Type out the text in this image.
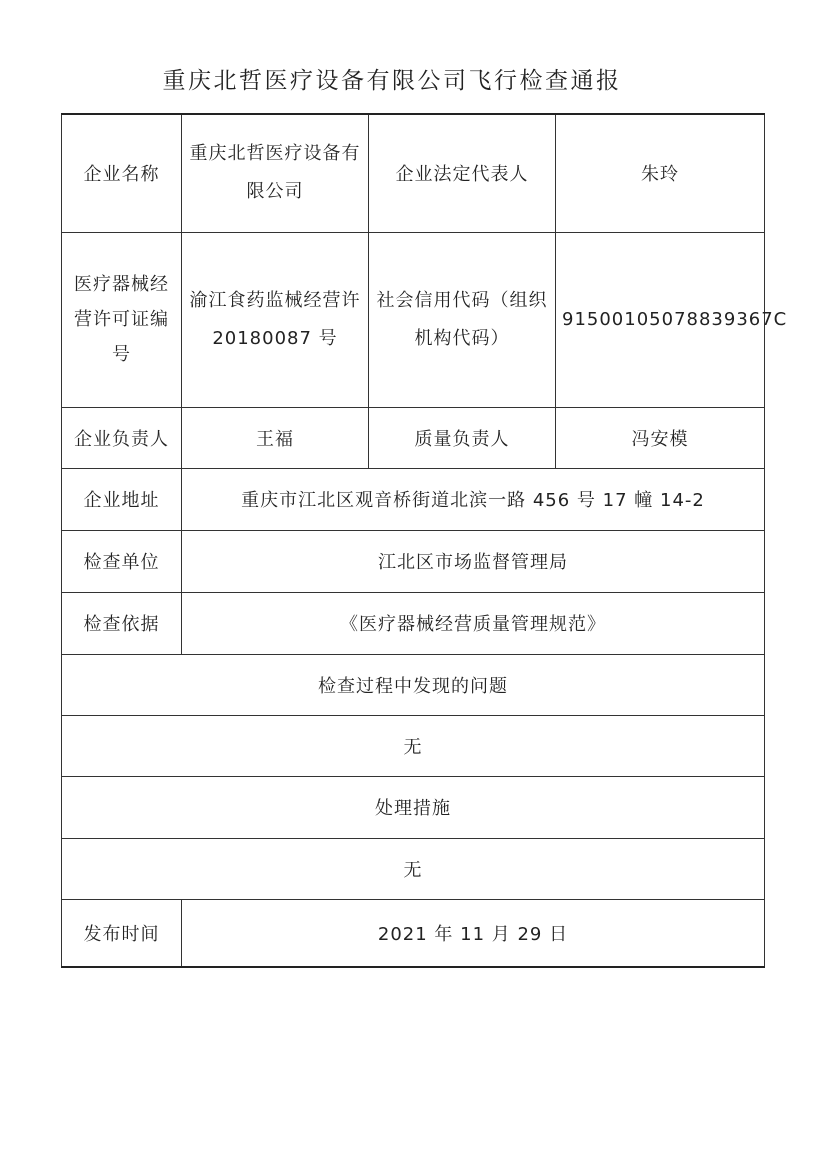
重庆北哲医疗设备有限公司飞行检查通报
企业名称	重庆北哲医疗设备有限公司	企业法定代表人	朱玲
医疗器械经营许可证编号	渝江食药监械经营许 20180087 号	社会信用代码（组织机构代码）	91500105078839367C
企业负责人	王福	质量负责人	冯安模
企业地址	重庆市江北区观音桥街道北滨一路 456 号 17 幢 14-2		
检查单位	江北区市场监督管理局		
检查依据	《医疗器械经营质量管理规范》		
检查过程中发现的问题			
无			
处理措施			
无			
发布时间	2021 年 11 月 29 日		
